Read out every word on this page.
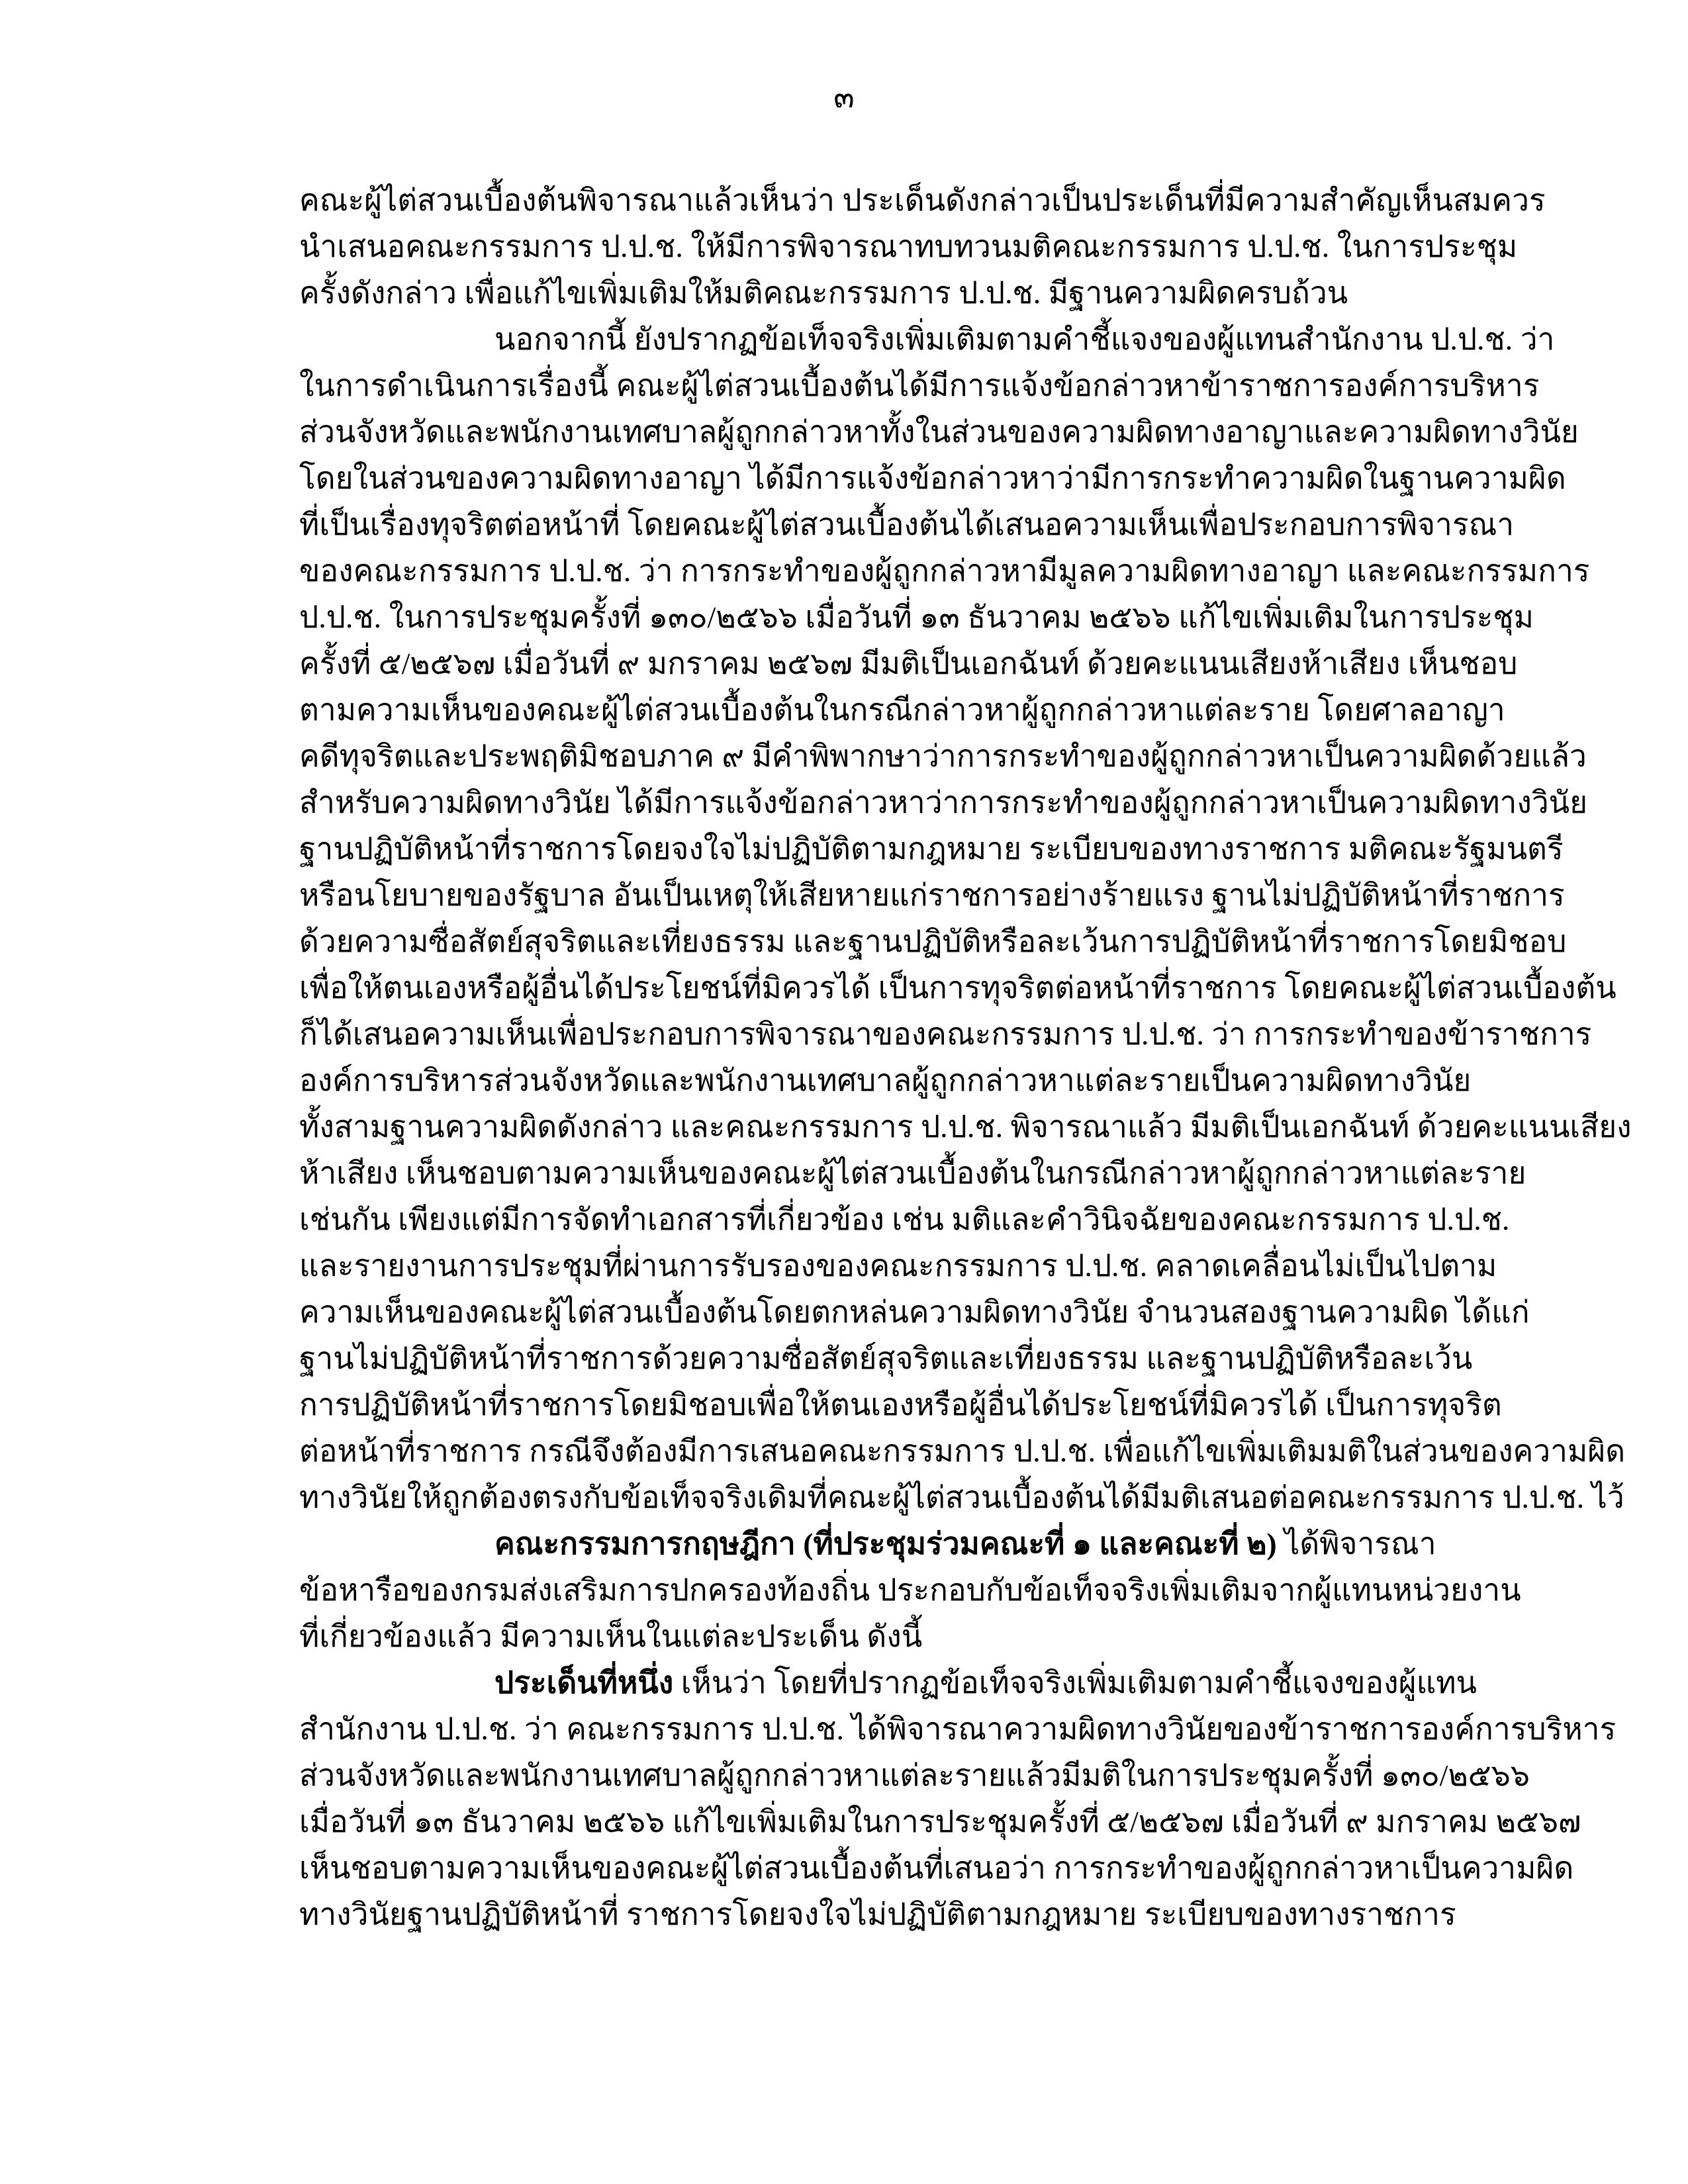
๓
คณะผู้ไต่สวนเบื้องต้นพิจารณาแล้วเห็นว่า ประเด็นดังกล่าวเป็นประเด็นที่มีความสำคัญเห็นสมควร
นำเสนอคณะกรรมการ ป.ป.ช. ให้มีการพิจารณาทบทวนมติคณะกรรมการ ป.ป.ช. ในการประชุม
ครั้งดังกล่าว เพื่อแก้ไขเพิ่มเติมให้มติคณะกรรมการ ป.ป.ช. มีฐานความผิดครบถ้วน
นอกจากนี้ ยังปรากฏข้อเท็จจริงเพิ่มเติมตามคำชี้แจงของผู้แทนสำนักงาน ป.ป.ช. ว่า
ในการดำเนินการเรื่องนี้ คณะผู้ไต่สวนเบื้องต้นได้มีการแจ้งข้อกล่าวหาข้าราชการองค์การบริหาร
ส่วนจังหวัดและพนักงานเทศบาลผู้ถูกกล่าวหาทั้งในส่วนของความผิดทางอาญาและความผิดทางวินัย
โดยในส่วนของความผิดทางอาญา ได้มีการแจ้งข้อกล่าวหาว่ามีการกระทำความผิดในฐานความผิด
ที่เป็นเรื่องทุจริตต่อหน้าที่ โดยคณะผู้ไต่สวนเบื้องต้นได้เสนอความเห็นเพื่อประกอบการพิจารณา
ของคณะกรรมการ ป.ป.ช. ว่า การกระทำของผู้ถูกกล่าวหามีมูลความผิดทางอาญา และคณะกรรมการ
ป.ป.ช. ในการประชุมครั้งที่ ๑๓๐/๒๕๖๖ เมื่อวันที่ ๑๓ ธันวาคม ๒๕๖๖ แก้ไขเพิ่มเติมในการประชุม
ครั้งที่ ๕/๒๕๖๗ เมื่อวันที่ ๙ มกราคม ๒๕๖๗ มีมติเป็นเอกฉันท์ ด้วยคะแนนเสียงห้าเสียง เห็นชอบ
ตามความเห็นของคณะผู้ไต่สวนเบื้องต้นในกรณีกล่าวหาผู้ถูกกล่าวหาแต่ละราย โดยศาลอาญา
คดีทุจริตและประพฤติมิชอบภาค ๙ มีคำพิพากษาว่าการกระทำของผู้ถูกกล่าวหาเป็นความผิดด้วยแล้ว
สำหรับความผิดทางวินัย ได้มีการแจ้งข้อกล่าวหาว่าการกระทำของผู้ถูกกล่าวหาเป็นความผิดทางวินัย
ฐานปฏิบัติหน้าที่ราชการโดยจงใจไม่ปฏิบัติตามกฎหมาย ระเบียบของทางราชการ มติคณะรัฐมนตรี
หรือนโยบายของรัฐบาล อันเป็นเหตุให้เสียหายแก่ราชการอย่างร้ายแรง ฐานไม่ปฏิบัติหน้าที่ราชการ
ด้วยความซื่อสัตย์สุจริตและเที่ยงธรรม และฐานปฏิบัติหรือละเว้นการปฏิบัติหน้าที่ราชการโดยมิชอบ
เพื่อให้ตนเองหรือผู้อื่นได้ประโยชน์ที่มิควรได้ เป็นการทุจริตต่อหน้าที่ราชการ โดยคณะผู้ไต่สวนเบื้องต้น
ก็ได้เสนอความเห็นเพื่อประกอบการพิจารณาของคณะกรรมการ ป.ป.ช. ว่า การกระทำของข้าราชการ
องค์การบริหารส่วนจังหวัดและพนักงานเทศบาลผู้ถูกกล่าวหาแต่ละรายเป็นความผิดทางวินัย
ทั้งสามฐานความผิดดังกล่าว และคณะกรรมการ ป.ป.ช. พิจารณาแล้ว มีมติเป็นเอกฉันท์ ด้วยคะแนนเสียง
ห้าเสียง เห็นชอบตามความเห็นของคณะผู้ไต่สวนเบื้องต้นในกรณีกล่าวหาผู้ถูกกล่าวหาแต่ละราย
เช่นกัน เพียงแต่มีการจัดทำเอกสารที่เกี่ยวข้อง เช่น มติและคำวินิจฉัยของคณะกรรมการ ป.ป.ช.
และรายงานการประชุมที่ผ่านการรับรองของคณะกรรมการ ป.ป.ช. คลาดเคลื่อนไม่เป็นไปตาม
ความเห็นของคณะผู้ไต่สวนเบื้องต้นโดยตกหล่นความผิดทางวินัย จำนวนสองฐานความผิด ได้แก่
ฐานไม่ปฏิบัติหน้าที่ราชการด้วยความซื่อสัตย์สุจริตและเที่ยงธรรม และฐานปฏิบัติหรือละเว้น
การปฏิบัติหน้าที่ราชการโดยมิชอบเพื่อให้ตนเองหรือผู้อื่นได้ประโยชน์ที่มิควรได้ เป็นการทุจริต
ต่อหน้าที่ราชการ กรณีจึงต้องมีการเสนอคณะกรรมการ ป.ป.ช. เพื่อแก้ไขเพิ่มเติมมติในส่วนของความผิด
ทางวินัยให้ถูกต้องตรงกับข้อเท็จจริงเดิมที่คณะผู้ไต่สวนเบื้องต้นได้มีมติเสนอต่อคณะกรรมการ ป.ป.ช. ไว้
คณะกรรมการกฤษฎีกา (ที่ประชุมร่วมคณะที่ ๑ และคณะที่ ๒) ได้พิจารณา
ข้อหารือของกรมส่งเสริมการปกครองท้องถิ่น ประกอบกับข้อเท็จจริงเพิ่มเติมจากผู้แทนหน่วยงาน
ที่เกี่ยวข้องแล้ว มีความเห็นในแต่ละประเด็น ดังนี้
ประเด็นที่หนึ่ง เห็นว่า โดยที่ปรากฏข้อเท็จจริงเพิ่มเติมตามคำชี้แจงของผู้แทน
สำนักงาน ป.ป.ช. ว่า คณะกรรมการ ป.ป.ช. ได้พิจารณาความผิดทางวินัยของข้าราชการองค์การบริหาร
ส่วนจังหวัดและพนักงานเทศบาลผู้ถูกกล่าวหาแต่ละรายแล้วมีมติในการประชุมครั้งที่ ๑๓๐/๒๕๖๖
เมื่อวันที่ ๑๓ ธันวาคม ๒๕๖๖ แก้ไขเพิ่มเติมในการประชุมครั้งที่ ๕/๒๕๖๗ เมื่อวันที่ ๙ มกราคม ๒๕๖๗
เห็นชอบตามความเห็นของคณะผู้ไต่สวนเบื้องต้นที่เสนอว่า การกระทำของผู้ถูกกล่าวหาเป็นความผิด
ทางวินัยฐานปฏิบัติหน้าที่ ราชการโดยจงใจไม่ปฏิบัติตามกฎหมาย ระเบียบของทางราชการ
